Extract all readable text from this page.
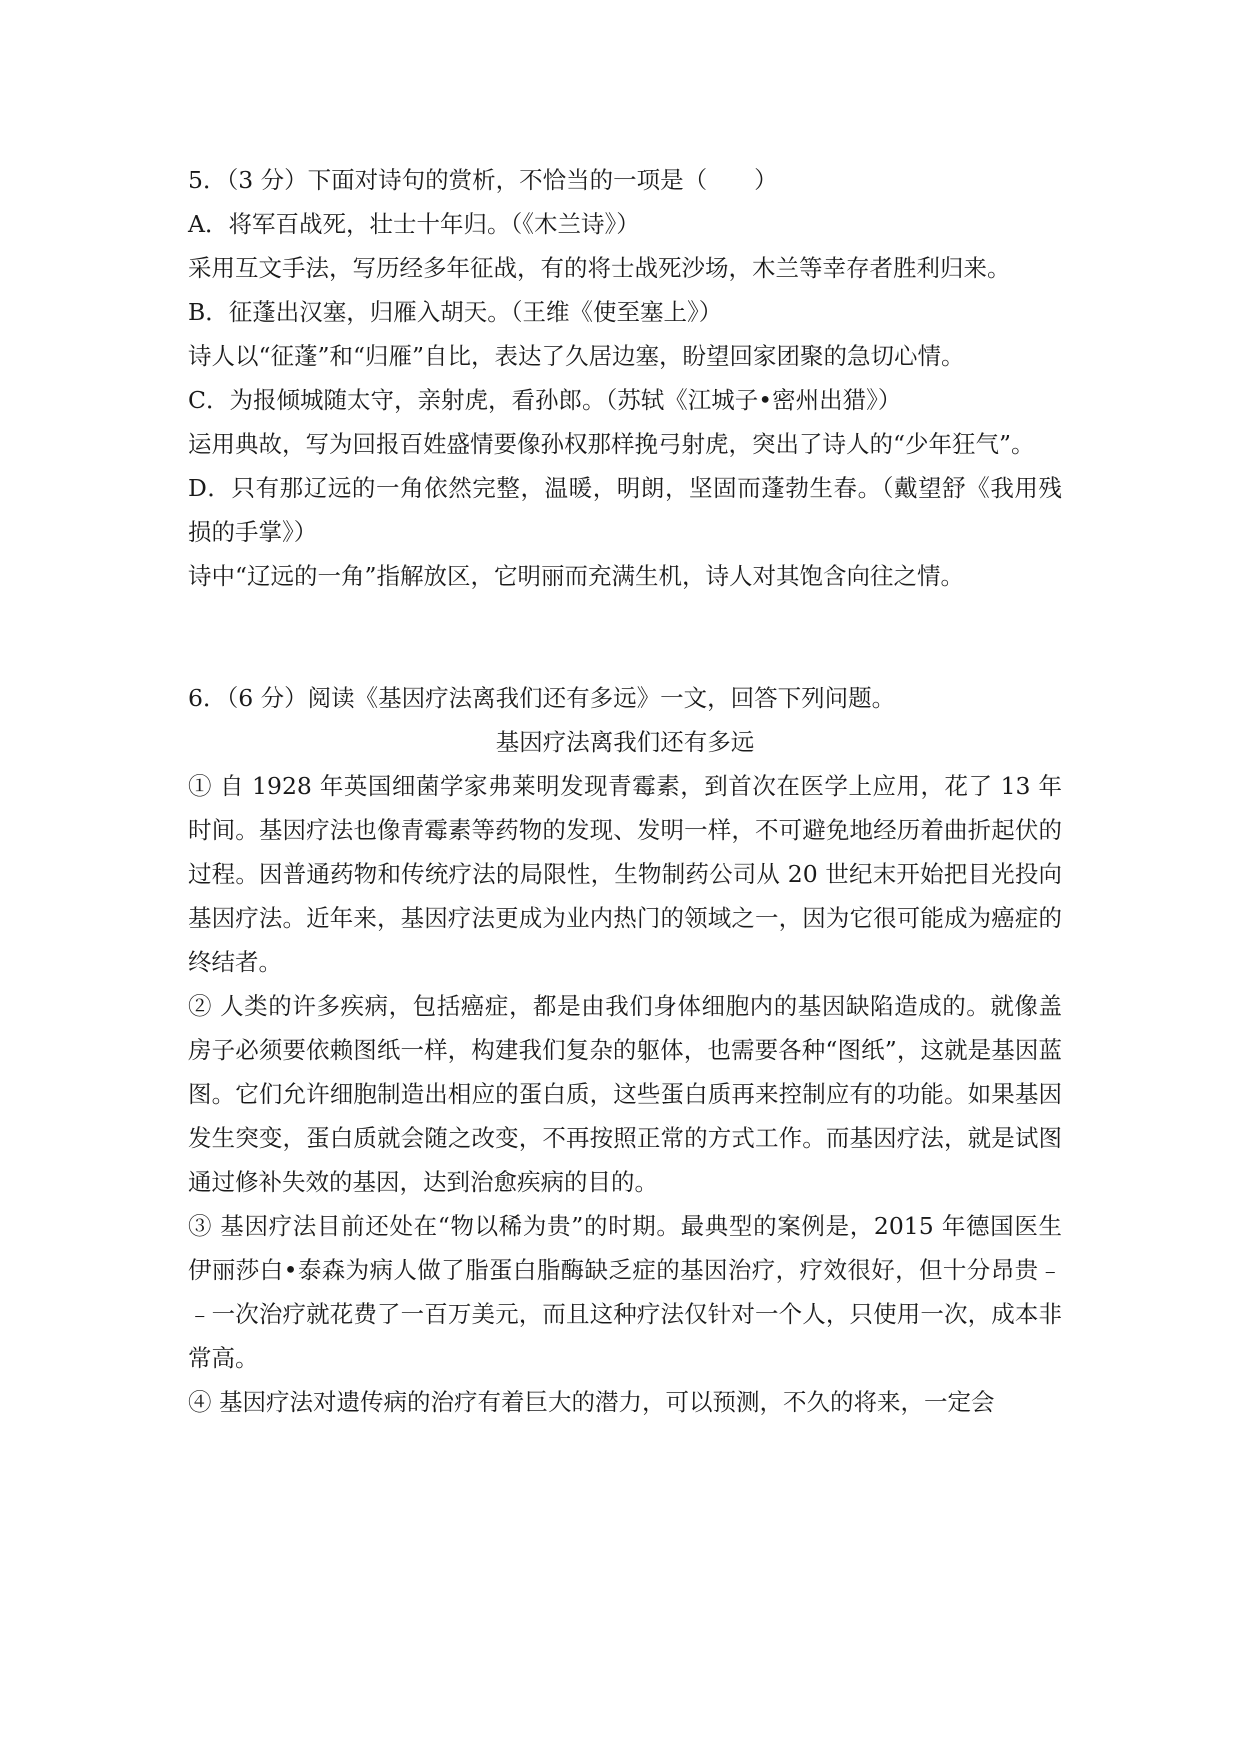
5．（3 分）下面对诗句的赏析，不恰当的一项是（　　）

A．将军百战死，壮士十年归。（《木兰诗》）

采用互文手法，写历经多年征战，有的将士战死沙场，木兰等幸存者胜利归来。

B．征蓬出汉塞，归雁入胡天。（王维《使至塞上》）

诗人以“征蓬”和“归雁”自比，表达了久居边塞，盼望回家团聚的急切心情。

C．为报倾城随太守，亲射虎，看孙郎。（苏轼《江城子•密州出猎》）

运用典故，写为回报百姓盛情要像孙权那样挽弓射虎，突出了诗人的“少年狂气”。

D．只有那辽远的一角依然完整，温暖，明朗，坚固而蓬勃生春。（戴望舒《我用残损的手掌》）

诗中“辽远的一角”指解放区，它明丽而充满生机，诗人对其饱含向往之情。

6．（6 分）阅读《基因疗法离我们还有多远》一文，回答下列问题。

基因疗法离我们还有多远

① 自 1928 年英国细菌学家弗莱明发现青霉素，到首次在医学上应用，花了 13 年时间。基因疗法也像青霉素等药物的发现、发明一样，不可避免地经历着曲折起伏的过程。因普通药物和传统疗法的局限性，生物制药公司从 20 世纪末开始把目光投向基因疗法。近年来，基因疗法更成为业内热门的领域之一，因为它很可能成为癌症的终结者。

② 人类的许多疾病，包括癌症，都是由我们身体细胞内的基因缺陷造成的。就像盖房子必须要依赖图纸一样，构建我们复杂的躯体，也需要各种“图纸”，这就是基因蓝图。它们允许细胞制造出相应的蛋白质，这些蛋白质再来控制应有的功能。如果基因发生突变，蛋白质就会随之改变，不再按照正常的方式工作。而基因疗法，就是试图通过修补失效的基因，达到治愈疾病的目的。

③ 基因疗法目前还处在“物以稀为贵”的时期。最典型的案例是，2015 年德国医生伊丽莎白•泰森为病人做了脂蛋白脂酶缺乏症的基因治疗，疗效很好，但十分昂贵﹣﹣一次治疗就花费了一百万美元，而且这种疗法仅针对一个人，只使用一次，成本非常高。

④ 基因疗法对遗传病的治疗有着巨大的潜力，可以预测，不久的将来，一定会
